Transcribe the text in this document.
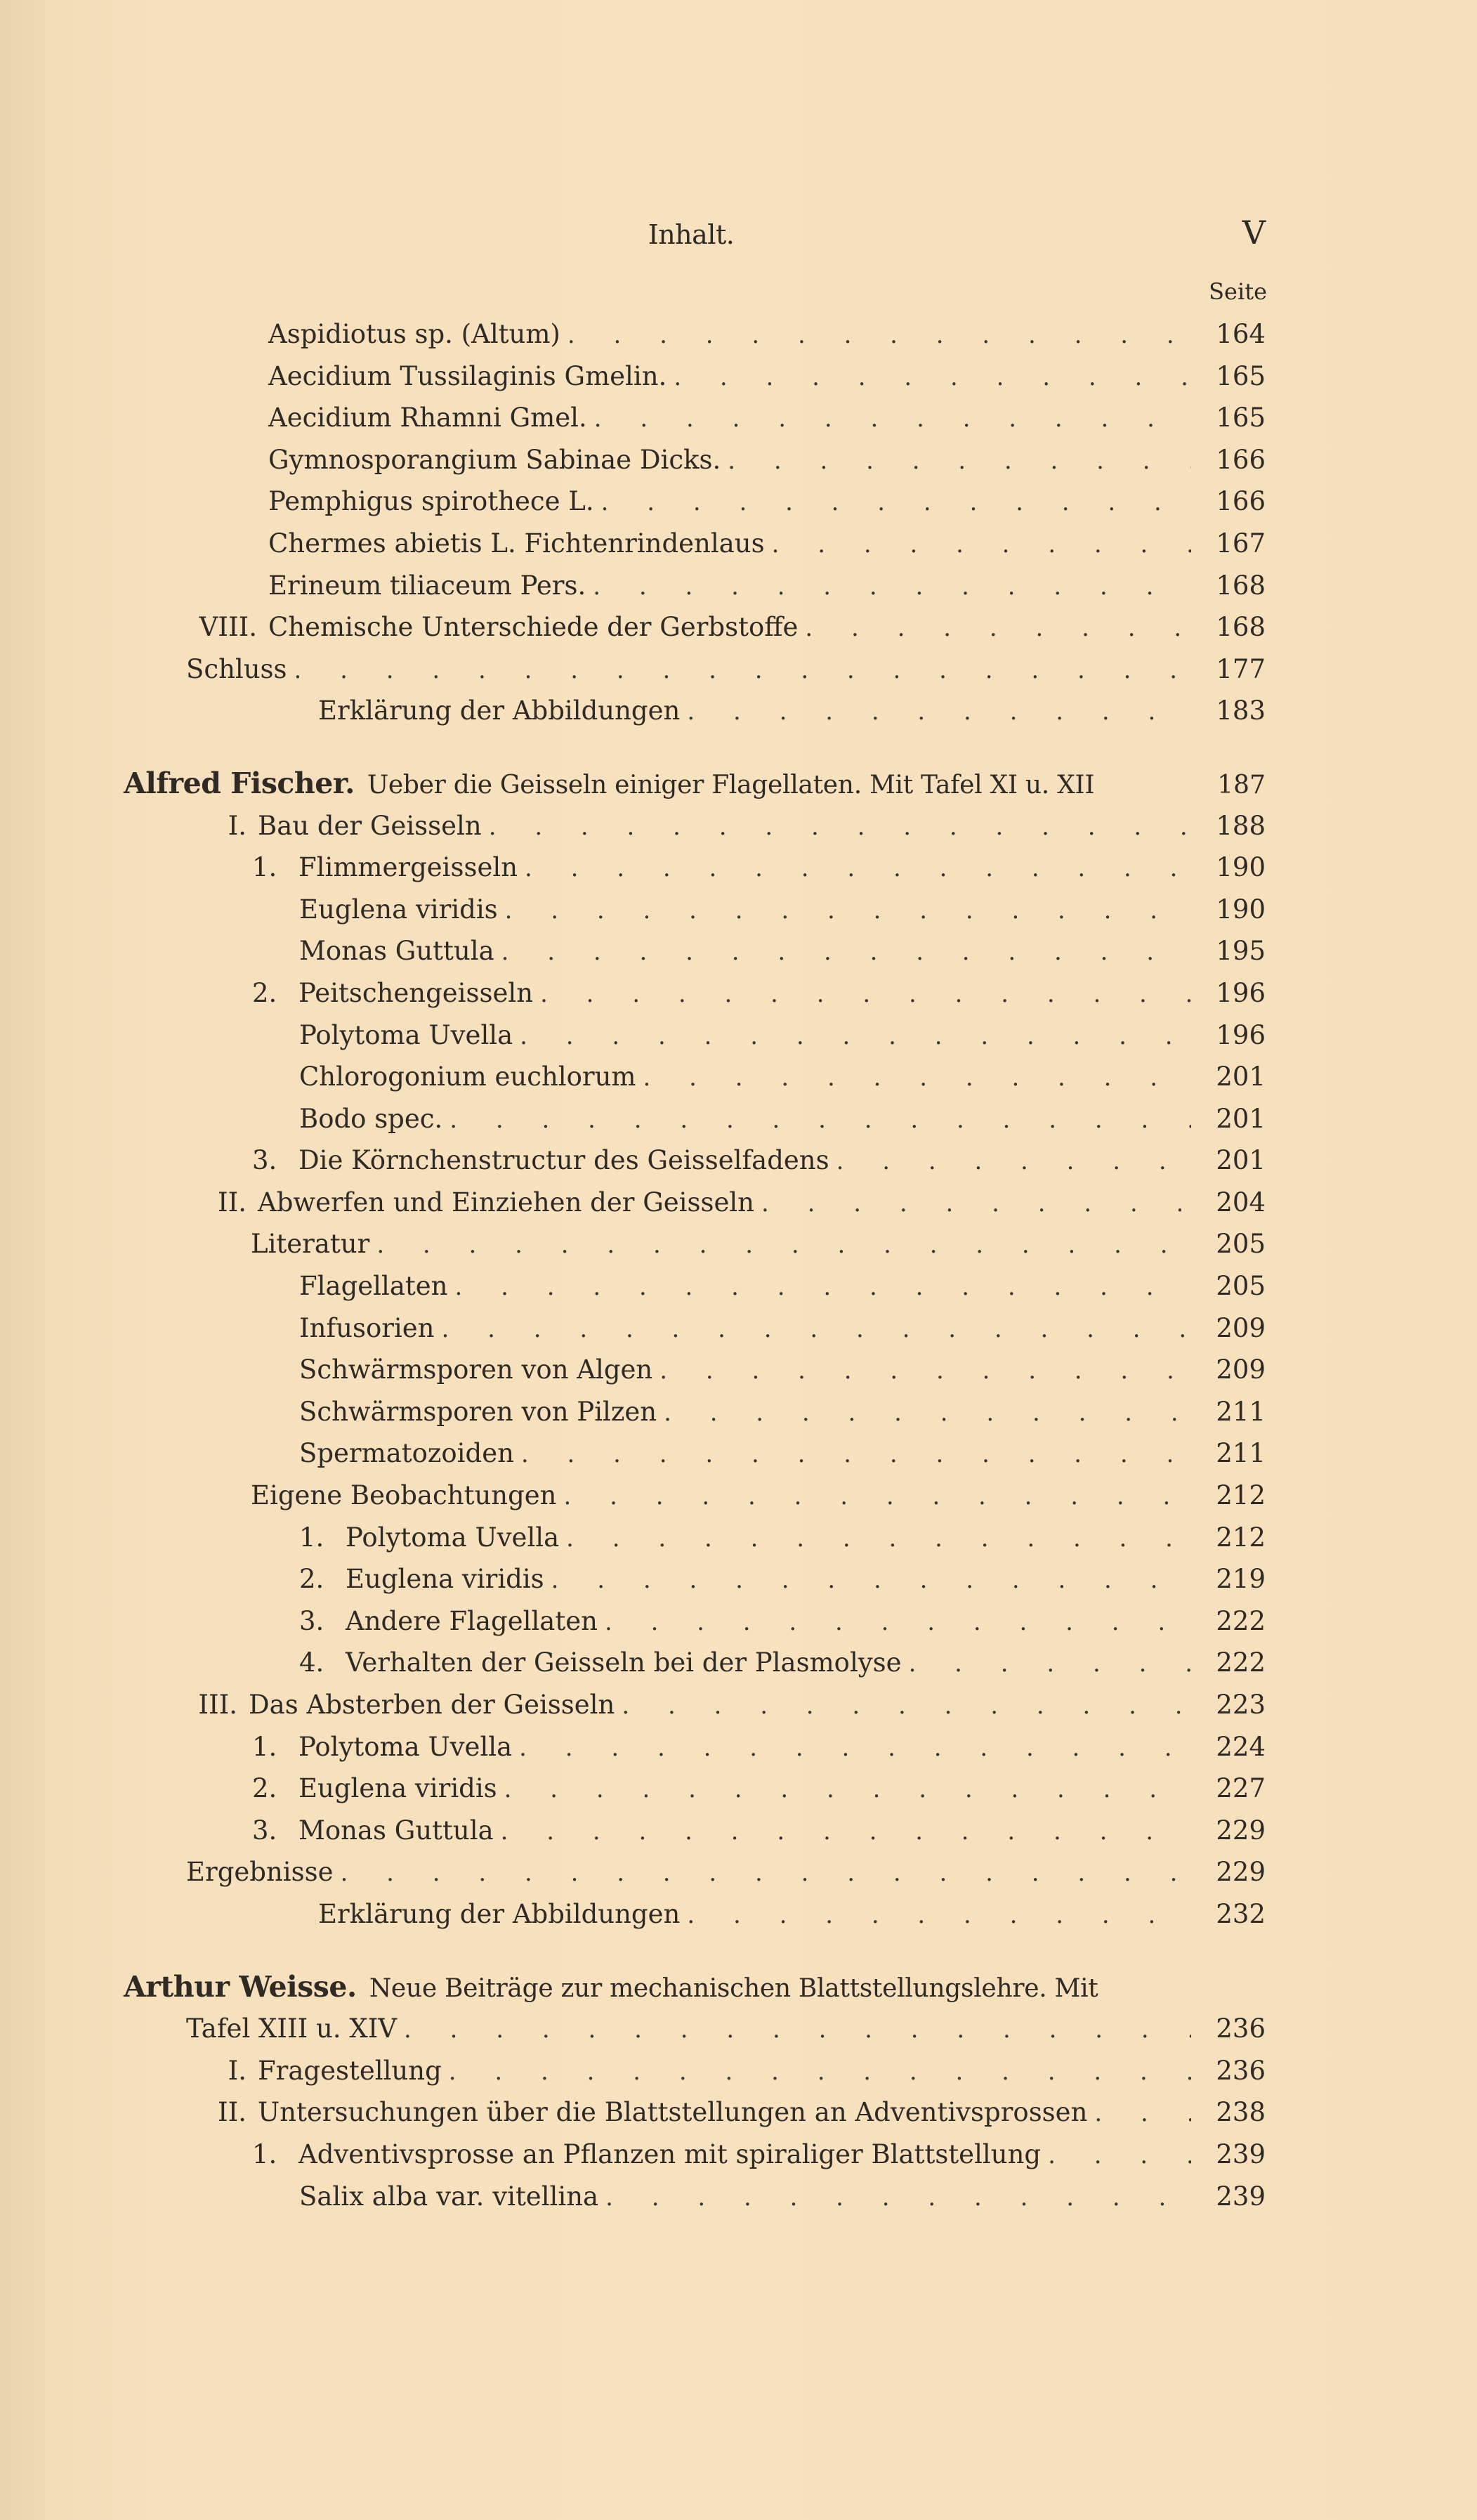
Inhalt.	V
Seite
Aspidiotus sp. (Altum) . . .	164
Aecidium Tussilaginis Gmelin. . . .	165
Aecidium Rhamni Gmel. . . .	165
Gymnosporangium Sabinae Dicks. . . .	166
Pemphigus spirothece L. . . .	166
Chermes abietis L. Fichtenrindenlaus . . .	167
Erineum tiliaceum Pers. . . .	168
VIII. Chemische Unterschiede der Gerbstoffe . . .	168
Schluss . . .	177
Erklärung der Abbildungen . . .	183
Alfred Fischer. Ueber die Geisseln einiger Flagellaten. Mit Tafel XI u. XII	187
I. Bau der Geisseln . . .	188
1. Flimmergeisseln . . .	190
Euglena viridis . . .	190
Monas Guttula . . .	195
2. Peitschengeisseln . . .	196
Polytoma Uvella . . .	196
Chlorogonium euchlorum . . .	201
Bodo spec. . . .	201
3. Die Körnchenstructur des Geisselfadens . . .	201
II. Abwerfen und Einziehen der Geisseln . . .	204
Literatur . . .	205
Flagellaten . . .	205
Infusorien . . .	209
Schwärmsporen von Algen . . .	209
Schwärmsporen von Pilzen . . .	211
Spermatozoiden . . .	211
Eigene Beobachtungen . . .	212
1. Polytoma Uvella . . .	212
2. Euglena viridis . . .	219
3. Andere Flagellaten . . .	222
4. Verhalten der Geisseln bei der Plasmolyse . . .	222
III. Das Absterben der Geisseln . . .	223
1. Polytoma Uvella . . .	224
2. Euglena viridis . . .	227
3. Monas Guttula . . .	229
Ergebnisse . . .	229
Erklärung der Abbildungen . . .	232
Arthur Weisse. Neue Beiträge zur mechanischen Blattstellungslehre. Mit
Tafel XIII u. XIV . . .	236
I. Fragestellung . . .	236
II. Untersuchungen über die Blattstellungen an Adventivsprossen . . .	238
1. Adventivsprosse an Pflanzen mit spiraliger Blattstellung . . .	239
Salix alba var. vitellina . . .	239
